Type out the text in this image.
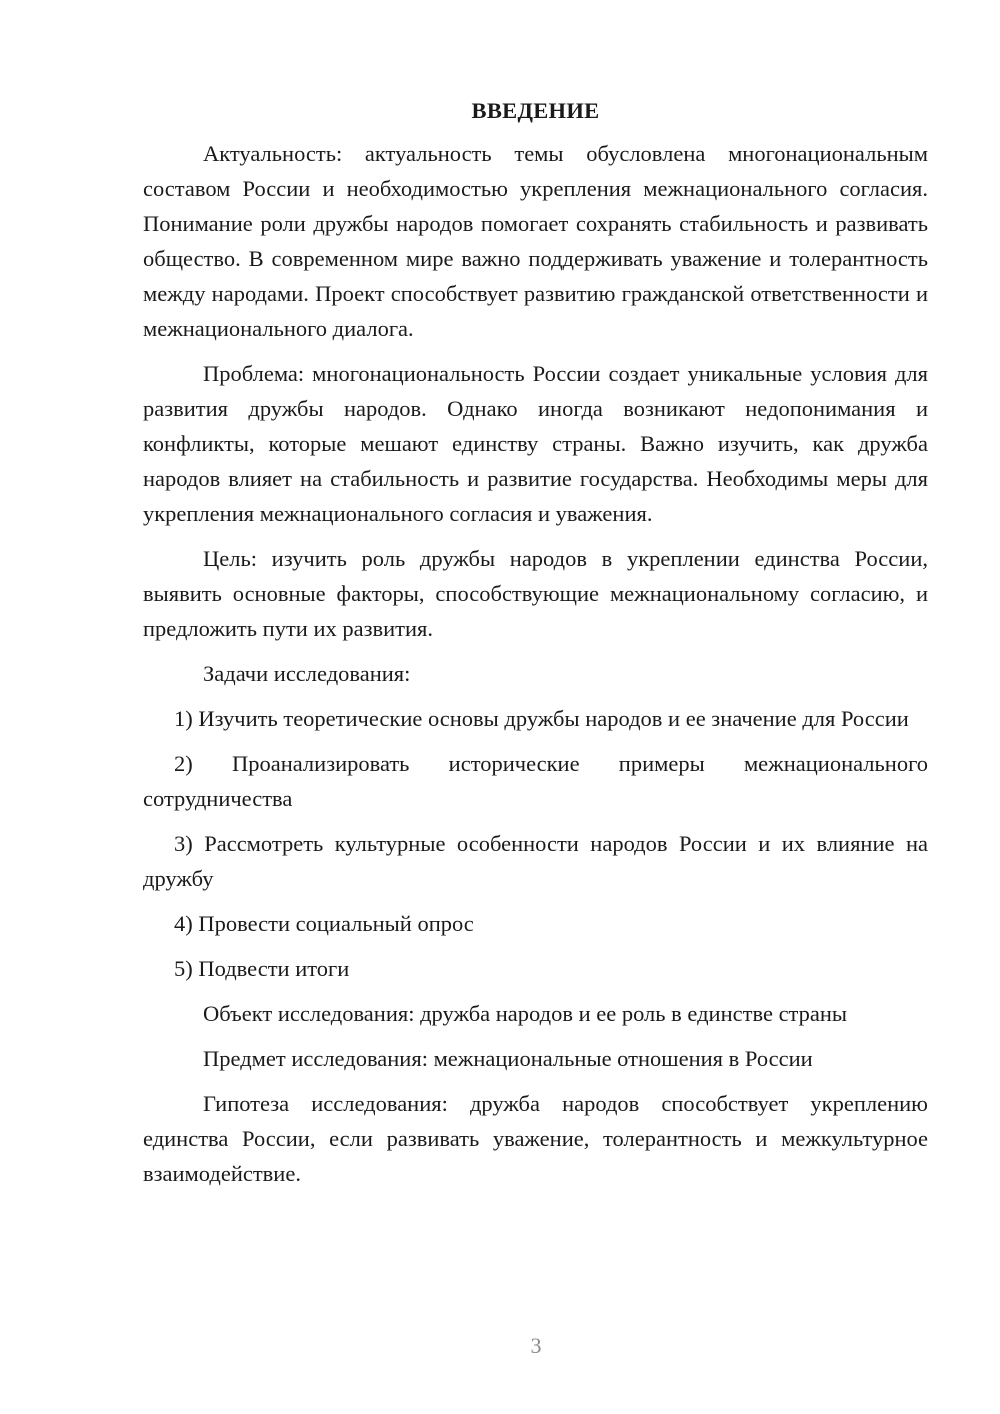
ВВЕДЕНИЕ

Актуальность: актуальность темы обусловлена многонациональным составом России и необходимостью укрепления межнационального согласия. Понимание роли дружбы народов помогает сохранять стабильность и развивать общество. В современном мире важно поддерживать уважение и толерантность между народами. Проект способствует развитию гражданской ответственности и межнационального диалога.

Проблема: многонациональность России создает уникальные условия для развития дружбы народов. Однако иногда возникают недопонимания и конфликты, которые мешают единству страны. Важно изучить, как дружба народов влияет на стабильность и развитие государства. Необходимы меры для укрепления межнационального согласия и уважения.

Цель: изучить роль дружбы народов в укреплении единства России, выявить основные факторы, способствующие межнациональному согласию, и предложить пути их развития.

Задачи исследования:

1) Изучить теоретические основы дружбы народов и ее значение для России

2) Проанализировать исторические примеры межнационального сотрудничества

3) Рассмотреть культурные особенности народов России и их влияние на дружбу

4) Провести социальный опрос

5) Подвести итоги

Объект исследования: дружба народов и ее роль в единстве страны

Предмет исследования: межнациональные отношения в России

Гипотеза исследования: дружба народов способствует укреплению единства России, если развивать уважение, толерантность и межкультурное взаимодействие.

3
